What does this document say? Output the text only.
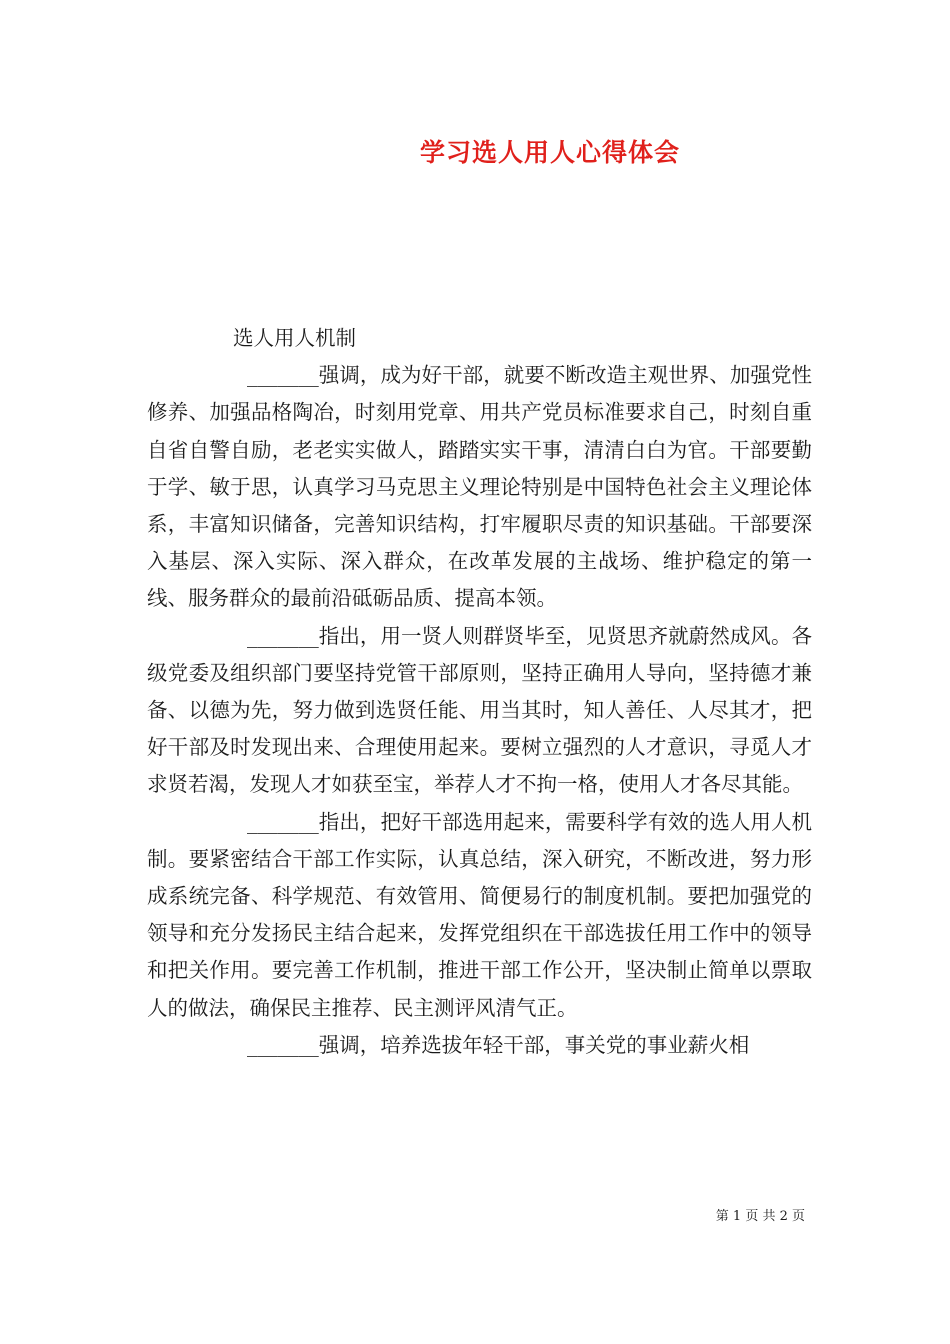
学习选人用人心得体会

选人用人机制

_______强调，成为好干部，就要不断改造主观世界、加强党性修养、加强品格陶冶，时刻用党章、用共产党员标准要求自己，时刻自重自省自警自励，老老实实做人，踏踏实实干事，清清白白为官。干部要勤于学、敏于思，认真学习马克思主义理论特别是中国特色社会主义理论体系，丰富知识储备，完善知识结构，打牢履职尽责的知识基础。干部要深入基层、深入实际、深入群众，在改革发展的主战场、维护稳定的第一线、服务群众的最前沿砥砺品质、提高本领。

_______指出，用一贤人则群贤毕至，见贤思齐就蔚然成风。各级党委及组织部门要坚持党管干部原则，坚持正确用人导向，坚持德才兼备、以德为先，努力做到选贤任能、用当其时，知人善任、人尽其才，把好干部及时发现出来、合理使用起来。要树立强烈的人才意识，寻觅人才求贤若渴，发现人才如获至宝，举荐人才不拘一格，使用人才各尽其能。

_______指出，把好干部选用起来，需要科学有效的选人用人机制。要紧密结合干部工作实际，认真总结，深入研究，不断改进，努力形成系统完备、科学规范、有效管用、简便易行的制度机制。要把加强党的领导和充分发扬民主结合起来，发挥党组织在干部选拔任用工作中的领导和把关作用。要完善工作机制，推进干部工作公开，坚决制止简单以票取人的做法，确保民主推荐、民主测评风清气正。

_______强调，培养选拔年轻干部，事关党的事业薪火相

第 1 页 共 2 页
